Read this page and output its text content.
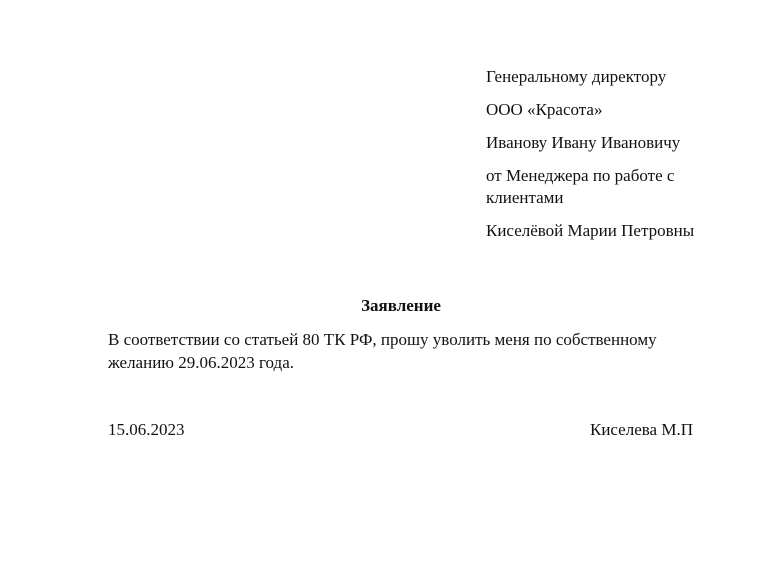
Генеральному директору
ООО «Красота»
Иванову Ивану Ивановичу
от Менеджера по работе с клиентами
Киселёвой Марии Петровны
Заявление
В соответствии со статьей 80 ТК РФ, прошу уволить меня по собственному желанию 29.06.2023 года.
15.06.2023	Киселева М.П
